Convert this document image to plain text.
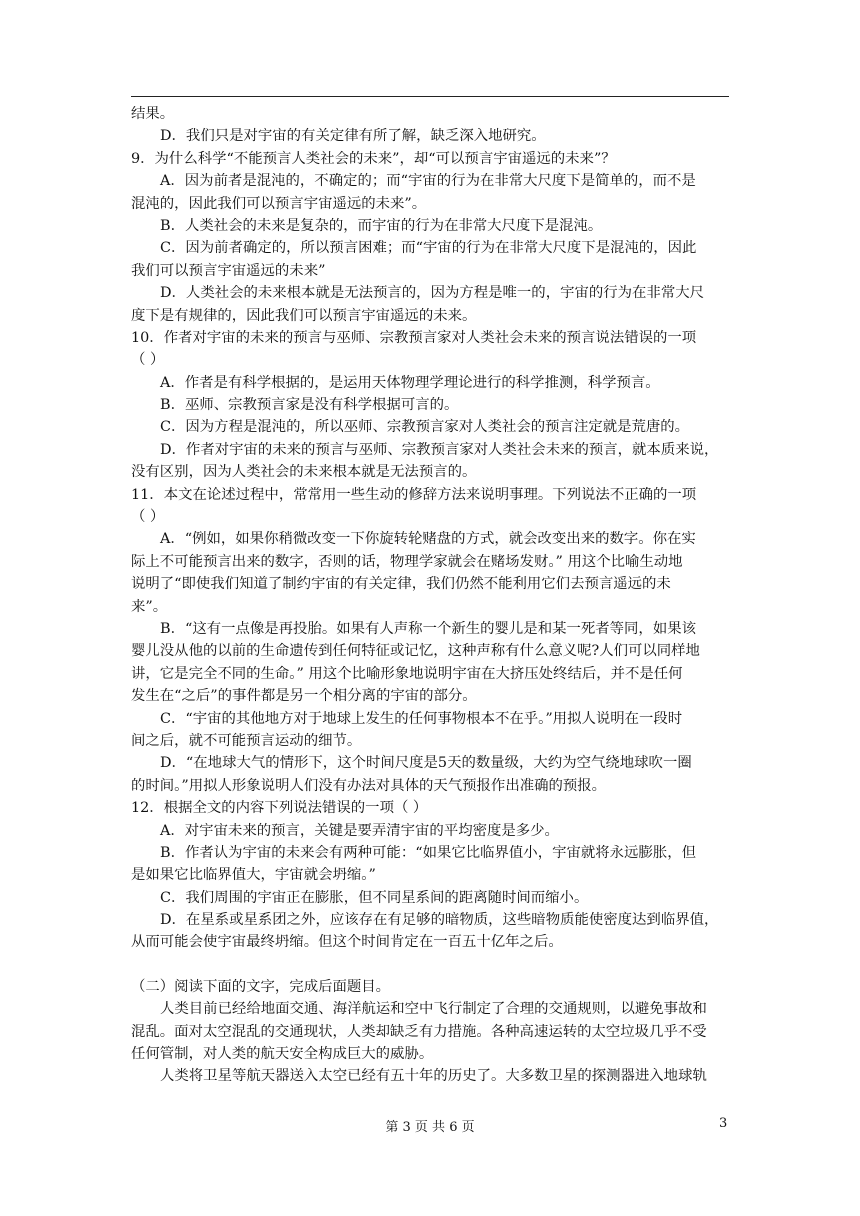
结果。
D．我们只是对宇宙的有关定律有所了解，缺乏深入地研究。
9．为什么科学“不能预言人类社会的未来”，却“可以预言宇宙遥远的未来”？
A．因为前者是混沌的，不确定的；而“宇宙的行为在非常大尺度下是简单的，而不是
混沌的，因此我们可以预言宇宙遥远的未来”。
B．人类社会的未来是复杂的，而宇宙的行为在非常大尺度下是混沌。
C．因为前者确定的，所以预言困难；而“宇宙的行为在非常大尺度下是混沌的，因此
我们可以预言宇宙遥远的未来”
D．人类社会的未来根本就是无法预言的，因为方程是唯一的，宇宙的行为在非常大尺
度下是有规律的，因此我们可以预言宇宙遥远的未来。
10．作者对宇宙的未来的预言与巫师、宗教预言家对人类社会未来的预言说法错误的一项
（ ）
A．作者是有科学根据的，是运用天体物理学理论进行的科学推测，科学预言。
B．巫师、宗教预言家是没有科学根据可言的。
C．因为方程是混沌的，所以巫师、宗教预言家对人类社会的预言注定就是荒唐的。
D．作者对宇宙的未来的预言与巫师、宗教预言家对人类社会未来的预言，就本质来说，
没有区别，因为人类社会的未来根本就是无法预言的。
11．本文在论述过程中，常常用一些生动的修辞方法来说明事理。下列说法不正确的一项
（ ）
A．“例如，如果你稍微改变一下你旋转轮赌盘的方式，就会改变出来的数字。你在实
际上不可能预言出来的数字，否则的话，物理学家就会在赌场发财。” 用这个比喻生动地
说明了“即使我们知道了制约宇宙的有关定律，我们仍然不能利用它们去预言遥远的未
来”。
B．“这有一点像是再投胎。如果有人声称一个新生的婴儿是和某一死者等同，如果该
婴儿没从他的以前的生命遗传到任何特征或记忆，这种声称有什么意义呢?人们可以同样地
讲，它是完全不同的生命。” 用这个比喻形象地说明宇宙在大挤压处终结后，并不是任何
发生在“之后”的事件都是另一个相分离的宇宙的部分。
C．“宇宙的其他地方对于地球上发生的任何事物根本不在乎。”用拟人说明在一段时
间之后，就不可能预言运动的细节。
D．“在地球大气的情形下，这个时间尺度是5天的数量级，大约为空气绕地球吹一圈
的时间。”用拟人形象说明人们没有办法对具体的天气预报作出准确的预报。
12．根据全文的内容下列说法错误的一项（ ）
A．对宇宙未来的预言，关键是要弄清宇宙的平均密度是多少。
B．作者认为宇宙的未来会有两种可能：“如果它比临界值小，宇宙就将永远膨胀，但
是如果它比临界值大，宇宙就会坍缩。”
C．我们周围的宇宙正在膨胀，但不同星系间的距离随时间而缩小。
D．在星系或星系团之外，应该存在有足够的暗物质，这些暗物质能使密度达到临界值，
从而可能会使宇宙最终坍缩。但这个时间肯定在一百五十亿年之后。
（二）阅读下面的文字，完成后面题目。
人类目前已经给地面交通、海洋航运和空中飞行制定了合理的交通规则，以避免事故和
混乱。面对太空混乱的交通现状，人类却缺乏有力措施。各种高速运转的太空垃圾几乎不受
任何管制，对人类的航天安全构成巨大的威胁。
人类将卫星等航天器送入太空已经有五十年的历史了。大多数卫星的探测器进入地球轨
第 3 页 共 6 页	3
